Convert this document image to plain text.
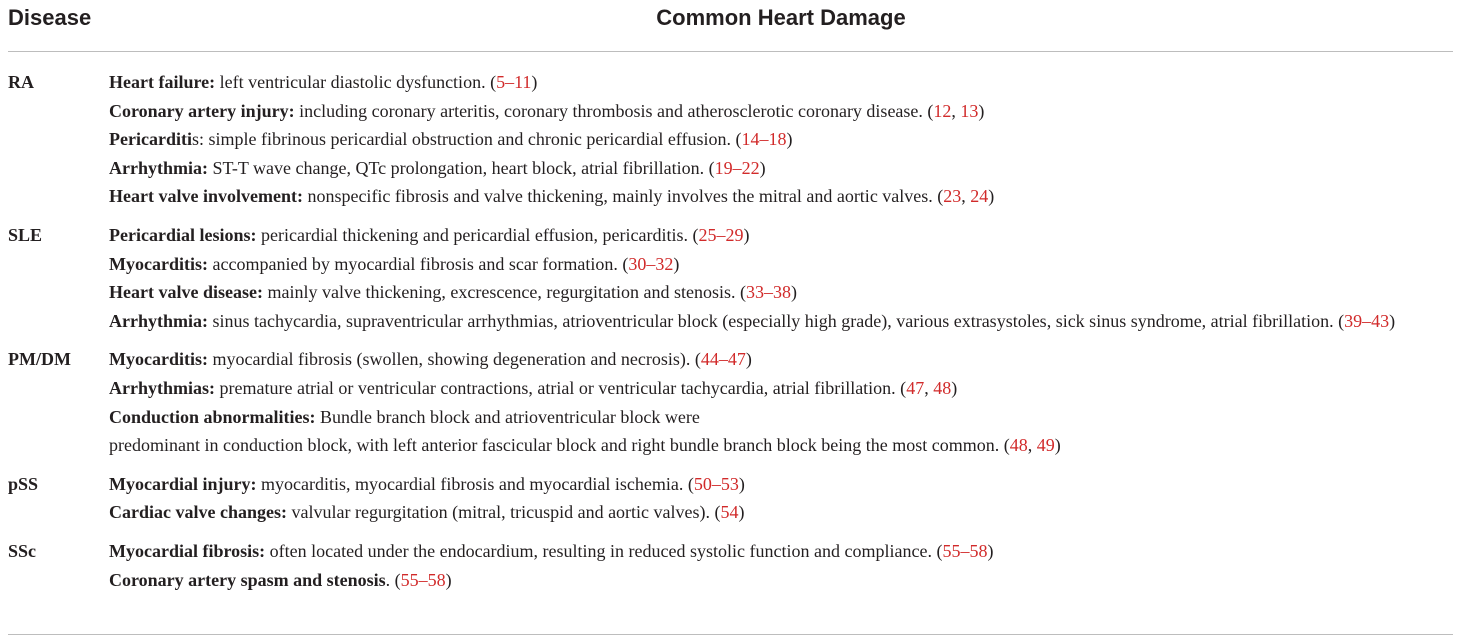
Disease	Common Heart Damage
RA	Heart failure: left ventricular diastolic dysfunction. (5–11)
Coronary artery injury: including coronary arteritis, coronary thrombosis and atherosclerotic coronary disease. (12, 13)
Pericarditis: simple fibrinous pericardial obstruction and chronic pericardial effusion. (14–18)
Arrhythmia: ST-T wave change, QTc prolongation, heart block, atrial fibrillation. (19–22)
Heart valve involvement: nonspecific fibrosis and valve thickening, mainly involves the mitral and aortic valves. (23, 24)
SLE	Pericardial lesions: pericardial thickening and pericardial effusion, pericarditis. (25–29)
Myocarditis: accompanied by myocardial fibrosis and scar formation. (30–32)
Heart valve disease: mainly valve thickening, excrescence, regurgitation and stenosis. (33–38)
Arrhythmia: sinus tachycardia, supraventricular arrhythmias, atrioventricular block (especially high grade), various extrasystoles, sick sinus syndrome, atrial fibrillation. (39–43)
PM/DM Myocarditis: myocardial fibrosis (swollen, showing degeneration and necrosis). (44–47)
Arrhythmias: premature atrial or ventricular contractions, atrial or ventricular tachycardia, atrial fibrillation. (47, 48)
Conduction abnormalities: Bundle branch block and atrioventricular block were
predominant in conduction block, with left anterior fascicular block and right bundle branch block being the most common. (48, 49)
pSS	Myocardial injury: myocarditis, myocardial fibrosis and myocardial ischemia. (50–53)
Cardiac valve changes: valvular regurgitation (mitral, tricuspid and aortic valves). (54)
SSc	Myocardial fibrosis: often located under the endocardium, resulting in reduced systolic function and compliance. (55–58)
Coronary artery spasm and stenosis. (55–58)
